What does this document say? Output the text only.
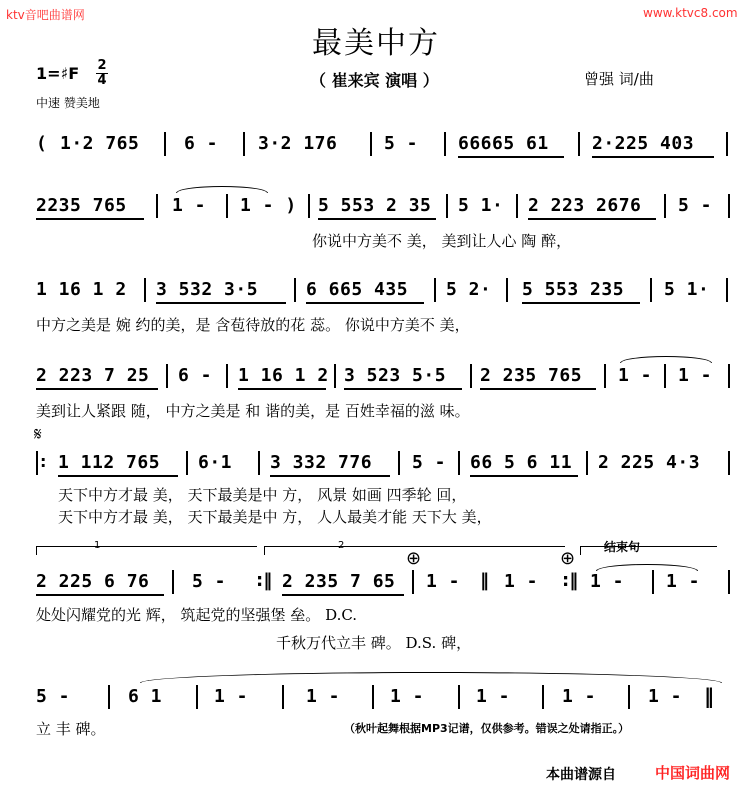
ktv音吧曲谱网	www.ktvc8.com
最美中方
（ 崔来宾 演唱 ）	曾强 词/曲
1=♯F 2
4
中速 赞美地
( 1·2 765 6 - 3·2 176	5 - 66665 61 2·225 403
2235 765	1 - 1 - ) 5 553 2 35 5 1· 2 223 2676 5 -
你说中方美不 美， 美到让人心 陶 醉，
1 16 1 2 3 532 3·5	6 665 435 5 2· 5 553 235 5 1·
中方之美是 婉 约的美，是 含苞待放的花 蕊。 你说中方美不 美，
2 223 7 25 6 - 1 16 1 2 3 523 5·5 2 235 765 1 - 1 -
美到让人紧跟 随， 中方之美是 和 谐的美，是 百姓幸福的滋 味。
𝄋
: 1 112 765 6·1 3 332 776 5 - 66 5 6 11 2 225 4·3
天下中方才最 美， 天下最美是中 方， 风景 如画 四季轮 回，
天下中方才最 美， 天下最美是中 方， 人人最美才能 天下大 美，
1	2	结束句
⊕	⊕
2 225 6 76 5 - :‖ 2 235 7 65 1 - ‖ 1 - :‖ 1 - 1 -
处处闪耀党的光 辉， 筑起党的坚强堡 垒。 D.C.
千秋万代立丰 碑。 D.S. 碑，
5 -	6 1	1 -	1 -	1 -	1 -	1 -	1 - ‖
立 丰 碑。	（秋叶起舞根据MP3记谱，仅供参考。错误之处请指正。）
本曲谱源自	中国词曲网
